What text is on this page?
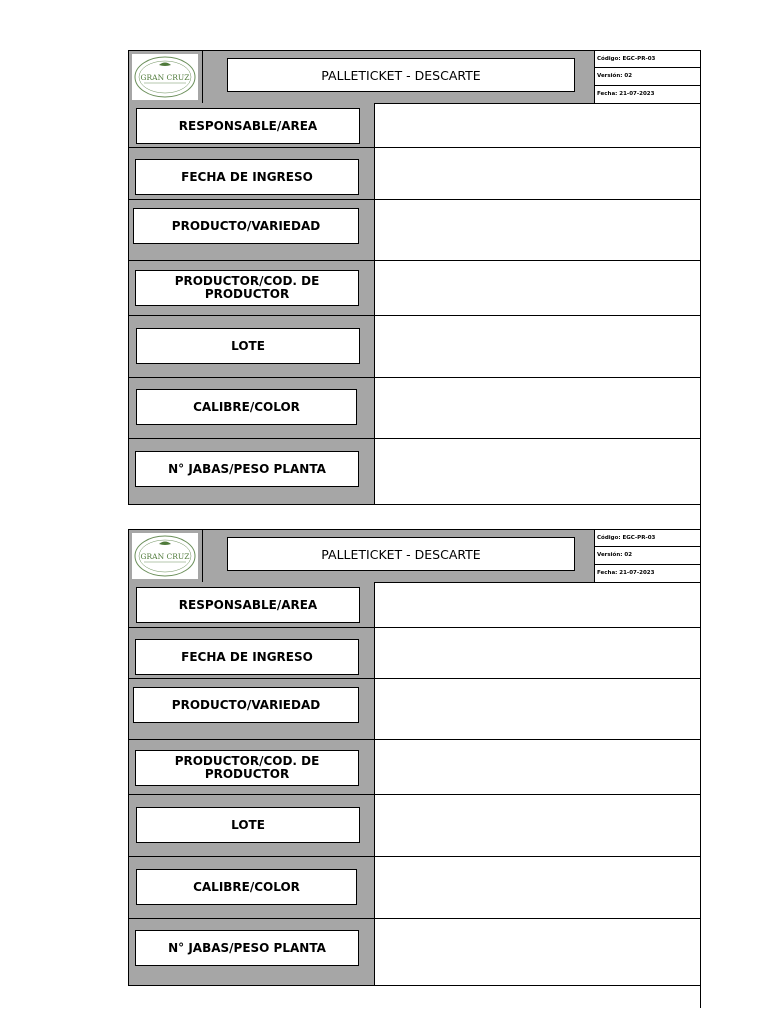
GRAN CRUZ	PALLETICKET - DESCARTE
Código: EGC-PR-03
Versión: 02
Fecha: 21-07-2023
RESPONSABLE/AREA
FECHA DE INGRESO
PRODUCTO/VARIEDAD
PRODUCTOR/COD. DE PRODUCTOR
LOTE
CALIBRE/COLOR
N° JABAS/PESO PLANTA
GRAN CRUZ	PALLETICKET - DESCARTE
Código: EGC-PR-03
Versión: 02
Fecha: 21-07-2023
RESPONSABLE/AREA
FECHA DE INGRESO
PRODUCTO/VARIEDAD
PRODUCTOR/COD. DE PRODUCTOR
LOTE
CALIBRE/COLOR
N° JABAS/PESO PLANTA
